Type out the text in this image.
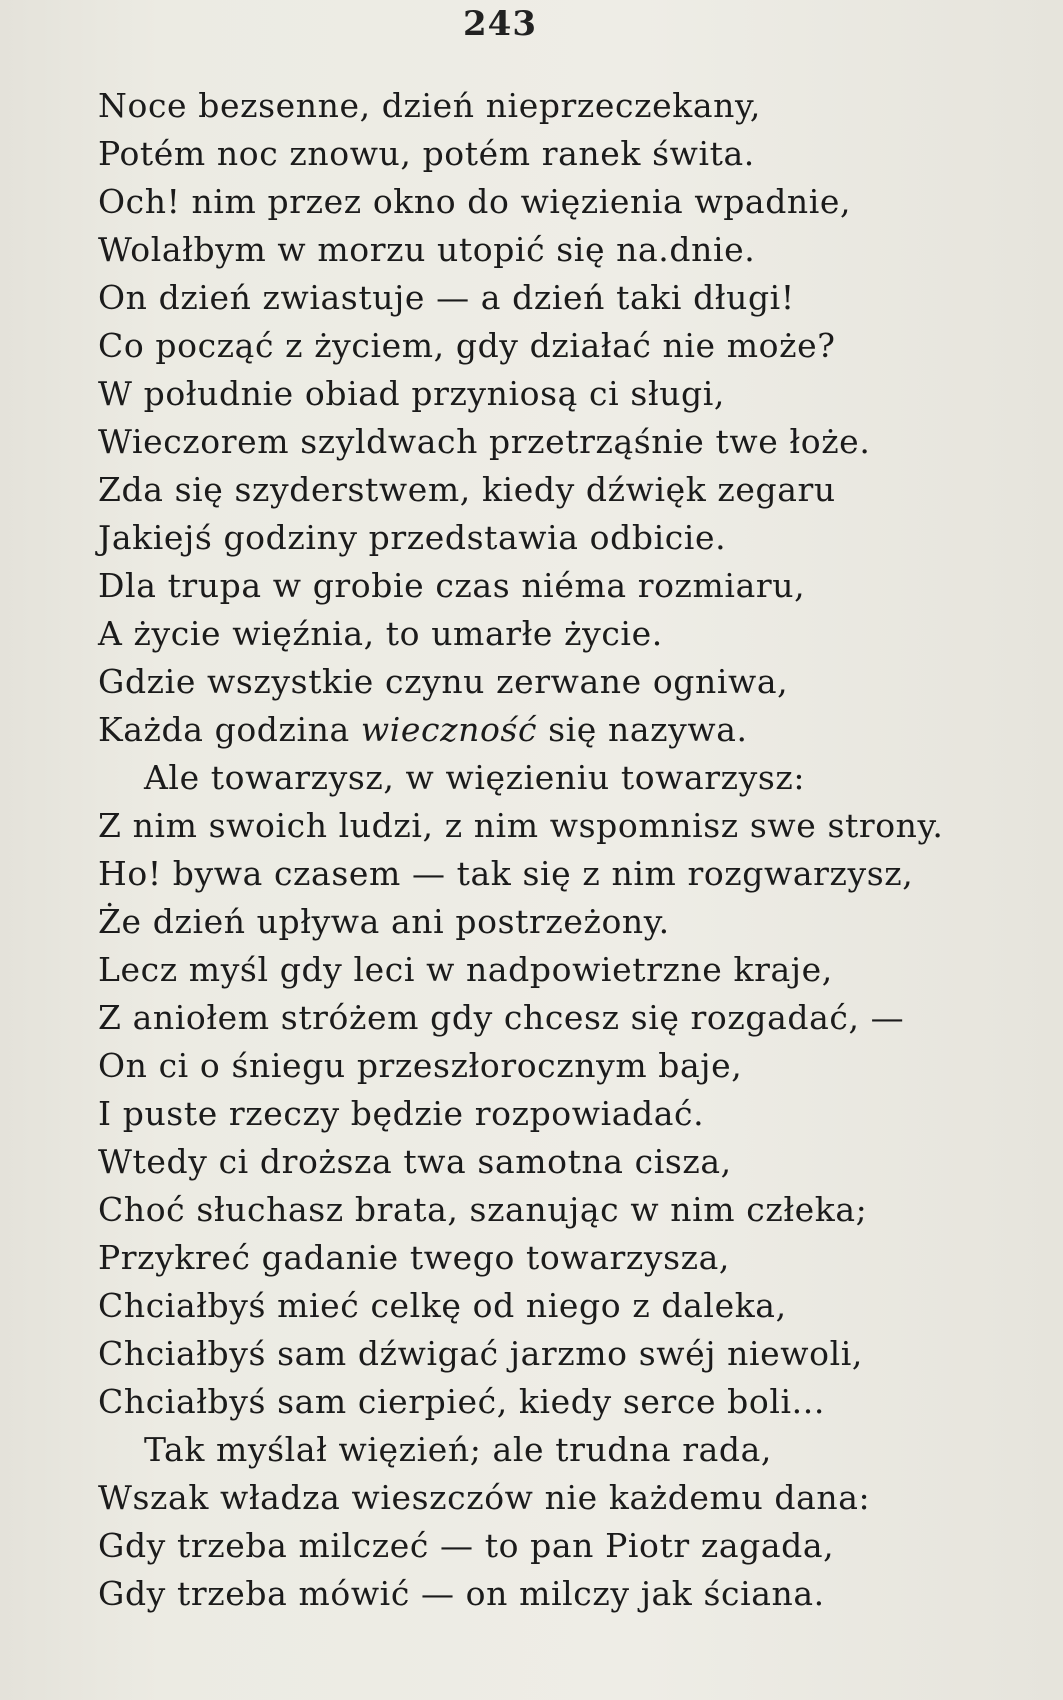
243
Noce bezsenne, dzień nieprzeczekany,
Potém noc znowu, potém ranek świta.
Och! nim przez okno do więzienia wpadnie,
Wolałbym w morzu utopić się na.dnie.
On dzień zwiastuje — a dzień taki długi!
Co począć z życiem, gdy działać nie może?
W południe obiad przyniosą ci sługi,
Wieczorem szyldwach przetrząśnie twe łoże.
Zda się szyderstwem, kiedy dźwięk zegaru
Jakiejś godziny przedstawia odbicie.
Dla trupa w grobie czas niéma rozmiaru,
A życie więźnia, to umarłe życie.
Gdzie wszystkie czynu zerwane ogniwa,
Każda godzina wieczność się nazywa.
Ale towarzysz, w więzieniu towarzysz:
Z nim swoich ludzi, z nim wspomnisz swe strony.
Ho! bywa czasem — tak się z nim rozgwarzysz,
Że dzień upływa ani postrzeżony.
Lecz myśl gdy leci w nadpowietrzne kraje,
Z aniołem stróżem gdy chcesz się rozgadać, —
On ci o śniegu przeszłorocznym baje,
I puste rzeczy będzie rozpowiadać.
Wtedy ci droższa twa samotna cisza,
Choć słuchasz brata, szanując w nim człeka;
Przykreć gadanie twego towarzysza,
Chciałbyś mieć celkę od niego z daleka,
Chciałbyś sam dźwigać jarzmo swéj niewoli,
Chciałbyś sam cierpieć, kiedy serce boli...
Tak myślał więzień; ale trudna rada,
Wszak władza wieszczów nie każdemu dana:
Gdy trzeba milczeć — to pan Piotr zagada,
Gdy trzeba mówić — on milczy jak ściana.
